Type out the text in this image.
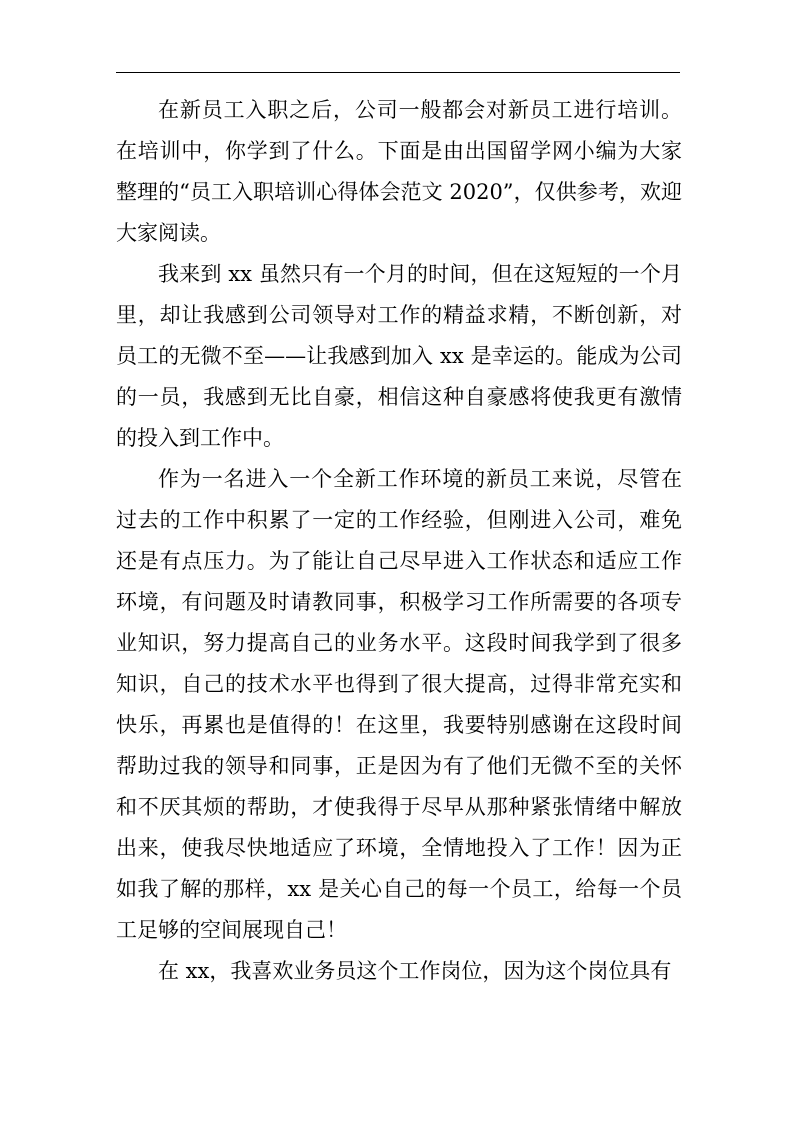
在新员工入职之后，公司一般都会对新员工进行培训。在培训中，你学到了什么。下面是由出国留学网小编为大家整理的“员工入职培训心得体会范文 2020”，仅供参考，欢迎大家阅读。

我来到 xx 虽然只有一个月的时间，但在这短短的一个月里，却让我感到公司领导对工作的精益求精，不断创新，对员工的无微不至——让我感到加入 xx 是幸运的。能成为公司的一员，我感到无比自豪，相信这种自豪感将使我更有激情的投入到工作中。

作为一名进入一个全新工作环境的新员工来说，尽管在过去的工作中积累了一定的工作经验，但刚进入公司，难免还是有点压力。为了能让自己尽早进入工作状态和适应工作环境，有问题及时请教同事，积极学习工作所需要的各项专业知识，努力提高自己的业务水平。这段时间我学到了很多知识，自己的技术水平也得到了很大提高，过得非常充实和快乐，再累也是值得的！在这里，我要特别感谢在这段时间帮助过我的领导和同事，正是因为有了他们无微不至的关怀和不厌其烦的帮助，才使我得于尽早从那种紧张情绪中解放出来，使我尽快地适应了环境，全情地投入了工作！因为正如我了解的那样，xx 是关心自己的每一个员工，给每一个员工足够的空间展现自己！

在 xx，我喜欢业务员这个工作岗位，因为这个岗位具有
